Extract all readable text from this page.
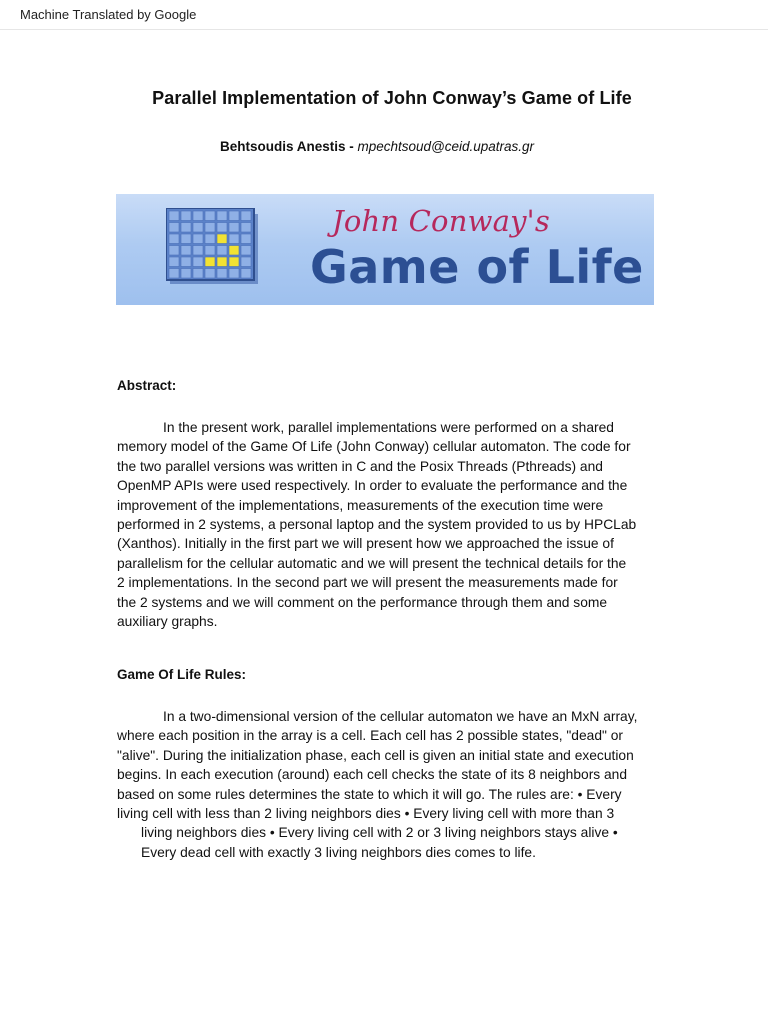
Machine Translated by Google
Parallel Implementation of John Conway’s Game of Life
Behtsoudis Anestis - mpechtsoud@ceid.upatras.gr
John Conway's
Game of Life
Abstract:
In the present work, parallel implementations were performed on a shared
memory model of the Game Of Life (John Conway) cellular automaton. The code for
the two parallel versions was written in C and the Posix Threads (Pthreads) and
OpenMP APIs were used respectively. In order to evaluate the performance and the
improvement of the implementations, measurements of the execution time were
performed in 2 systems, a personal laptop and the system provided to us by HPCLab
(Xanthos). Initially in the first part we will present how we approached the issue of
parallelism for the cellular automatic and we will present the technical details for the
2 implementations. In the second part we will present the measurements made for
the 2 systems and we will comment on the performance through them and some
auxiliary graphs.
Game Of Life Rules:
In a two-dimensional version of the cellular automaton we have an MxN array,
where each position in the array is a cell. Each cell has 2 possible states, "dead" or
"alive". During the initialization phase, each cell is given an initial state and execution
begins. In each execution (around) each cell checks the state of its 8 neighbors and
based on some rules determines the state to which it will go. The rules are: • Every
living cell with less than 2 living neighbors dies • Every living cell with more than 3
living neighbors dies • Every living cell with 2 or 3 living neighbors stays alive •
Every dead cell with exactly 3 living neighbors dies comes to life.
